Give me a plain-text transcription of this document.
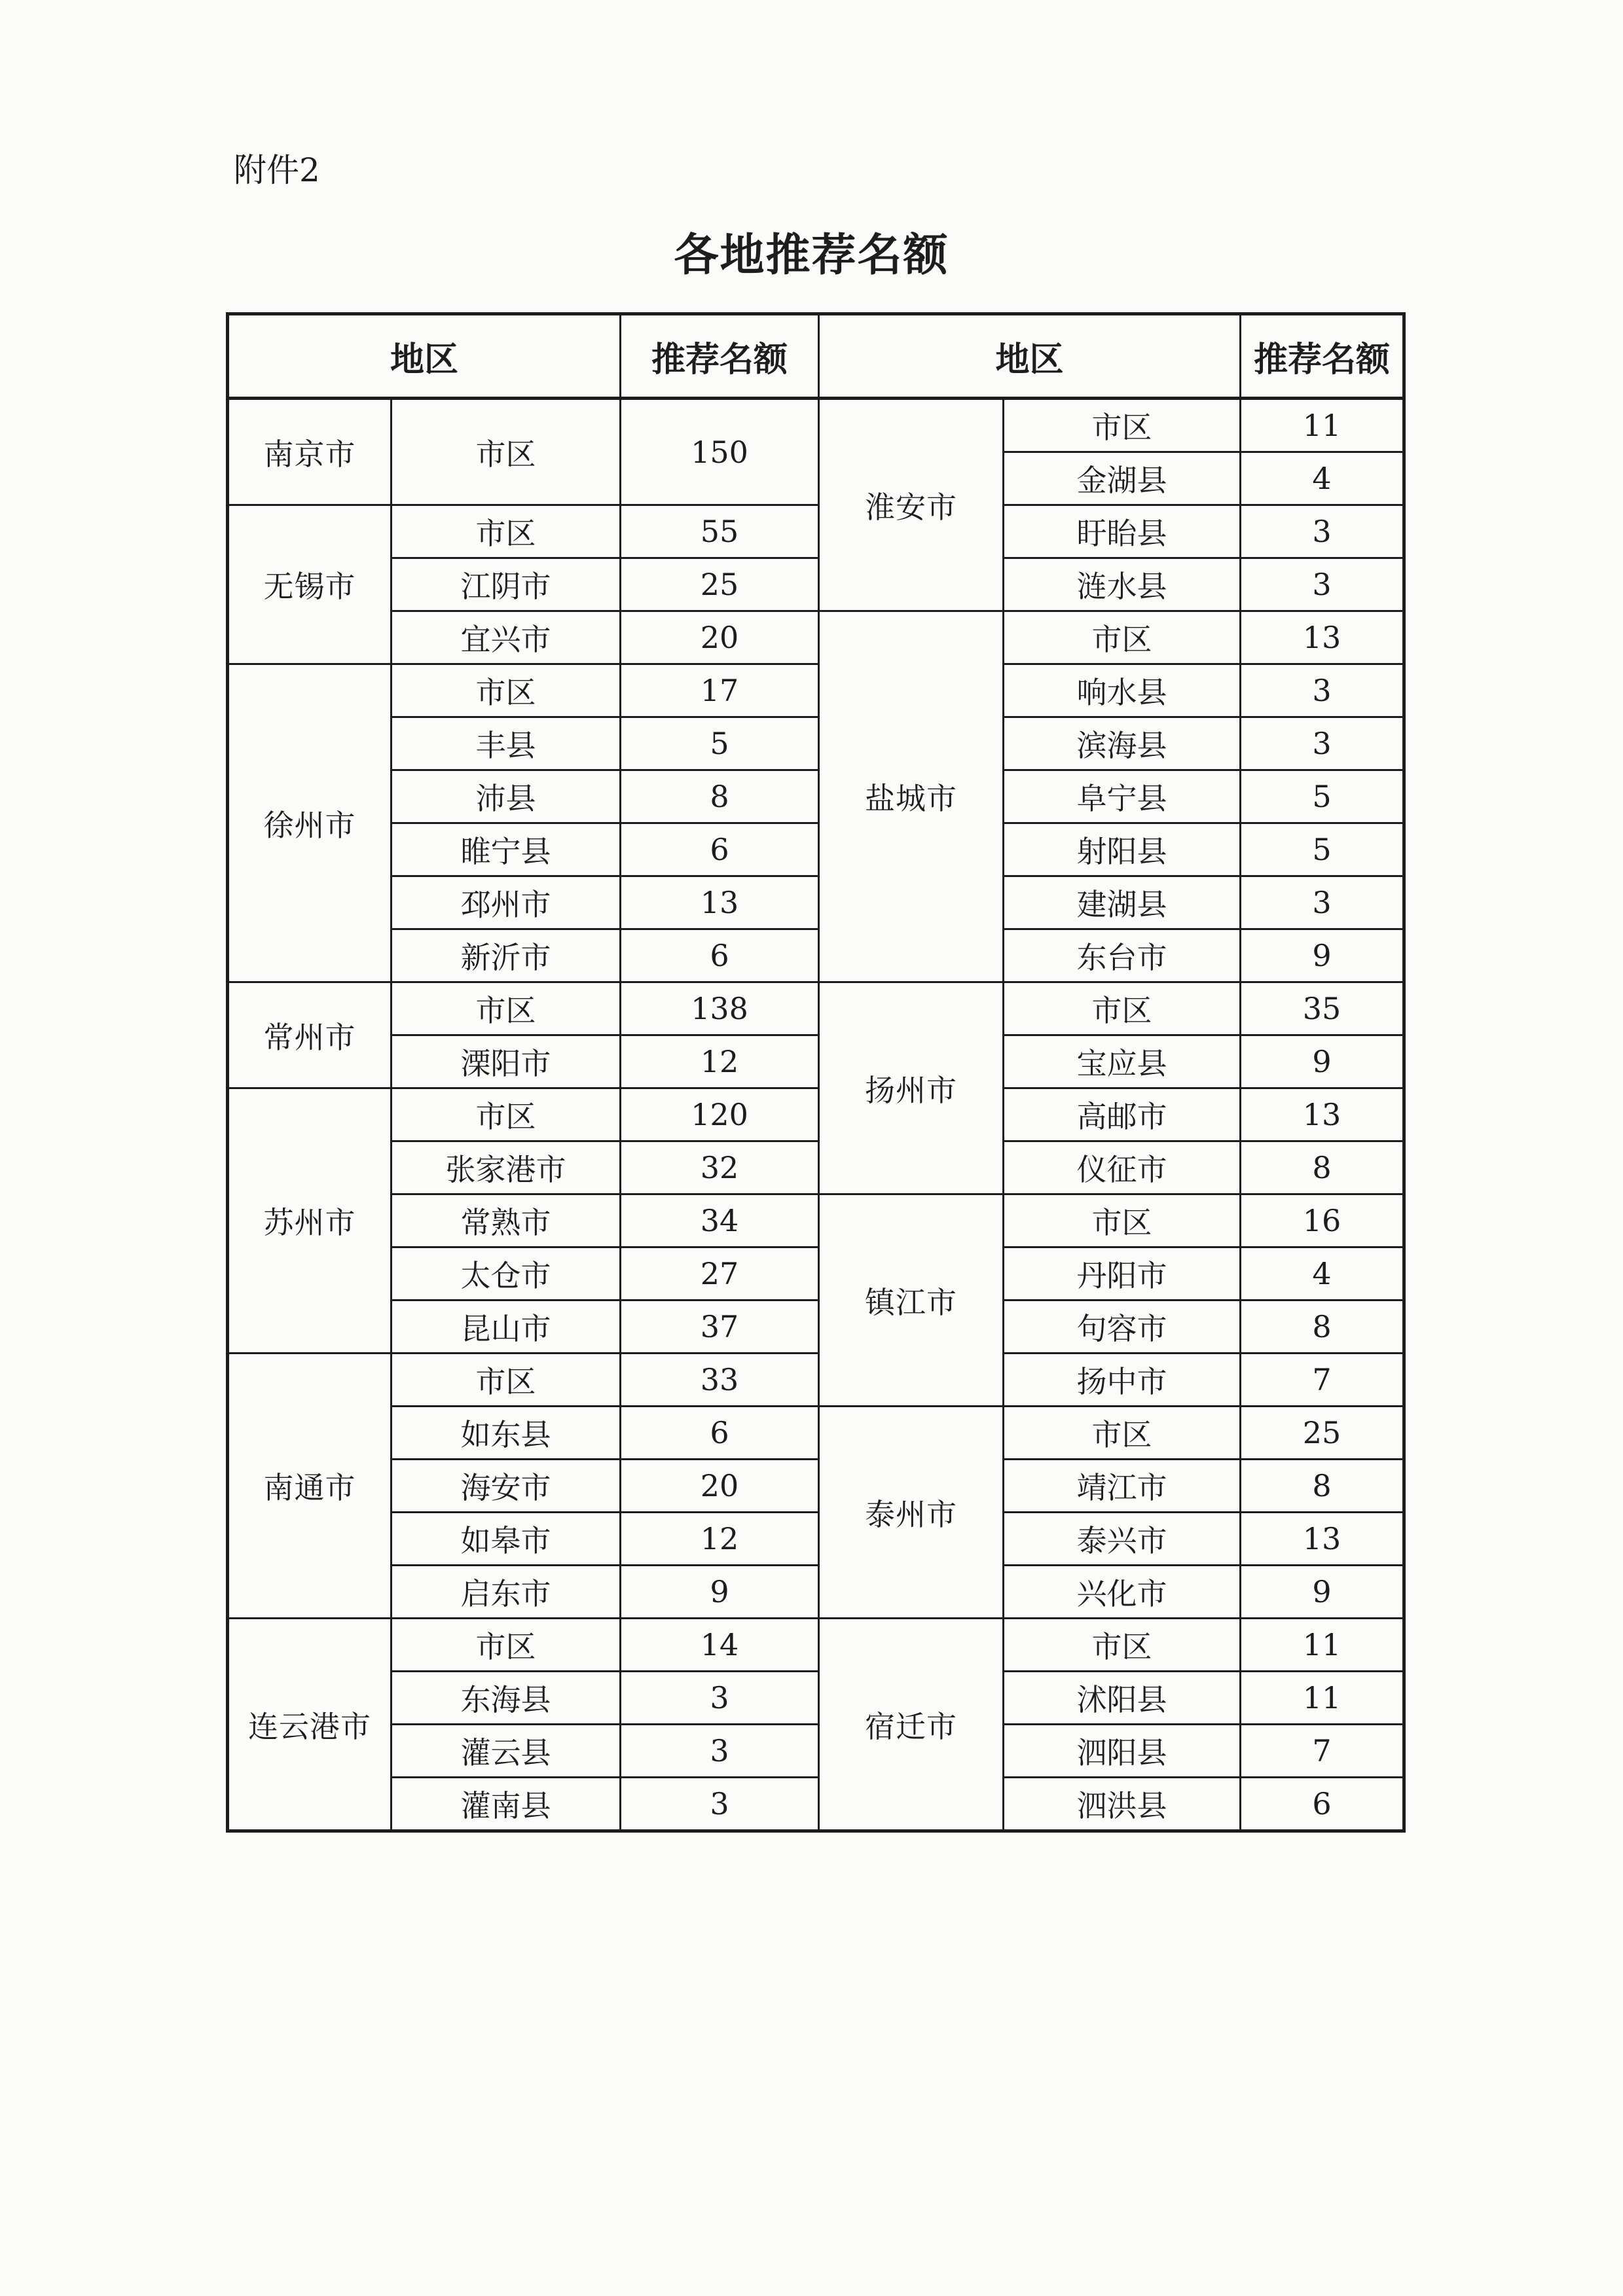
附件2
各地推荐名额
地区		推荐名额	地区		推荐名额
南京市	市区	150	淮安市	市区	11
				金湖县	4
无锡市	市区	55		盱眙县	3
	江阴市	25		涟水县	3
	宜兴市	20	盐城市	市区	13
徐州市	市区	17		响水县	3
	丰县	5		滨海县	3
	沛县	8		阜宁县	5
	睢宁县	6		射阳县	5
	邳州市	13		建湖县	3
	新沂市	6		东台市	9
常州市	市区	138	扬州市	市区	35
	溧阳市	12		宝应县	9
苏州市	市区	120		高邮市	13
	张家港市	32		仪征市	8
	常熟市	34	镇江市	市区	16
	太仓市	27		丹阳市	4
	昆山市	37		句容市	8
南通市	市区	33		扬中市	7
	如东县	6	泰州市	市区	25
	海安市	20		靖江市	8
	如皋市	12		泰兴市	13
	启东市	9		兴化市	9
连云港市	市区	14	宿迁市	市区	11
	东海县	3		沭阳县	11
	灌云县	3		泗阳县	7
	灌南县	3		泗洪县	6
